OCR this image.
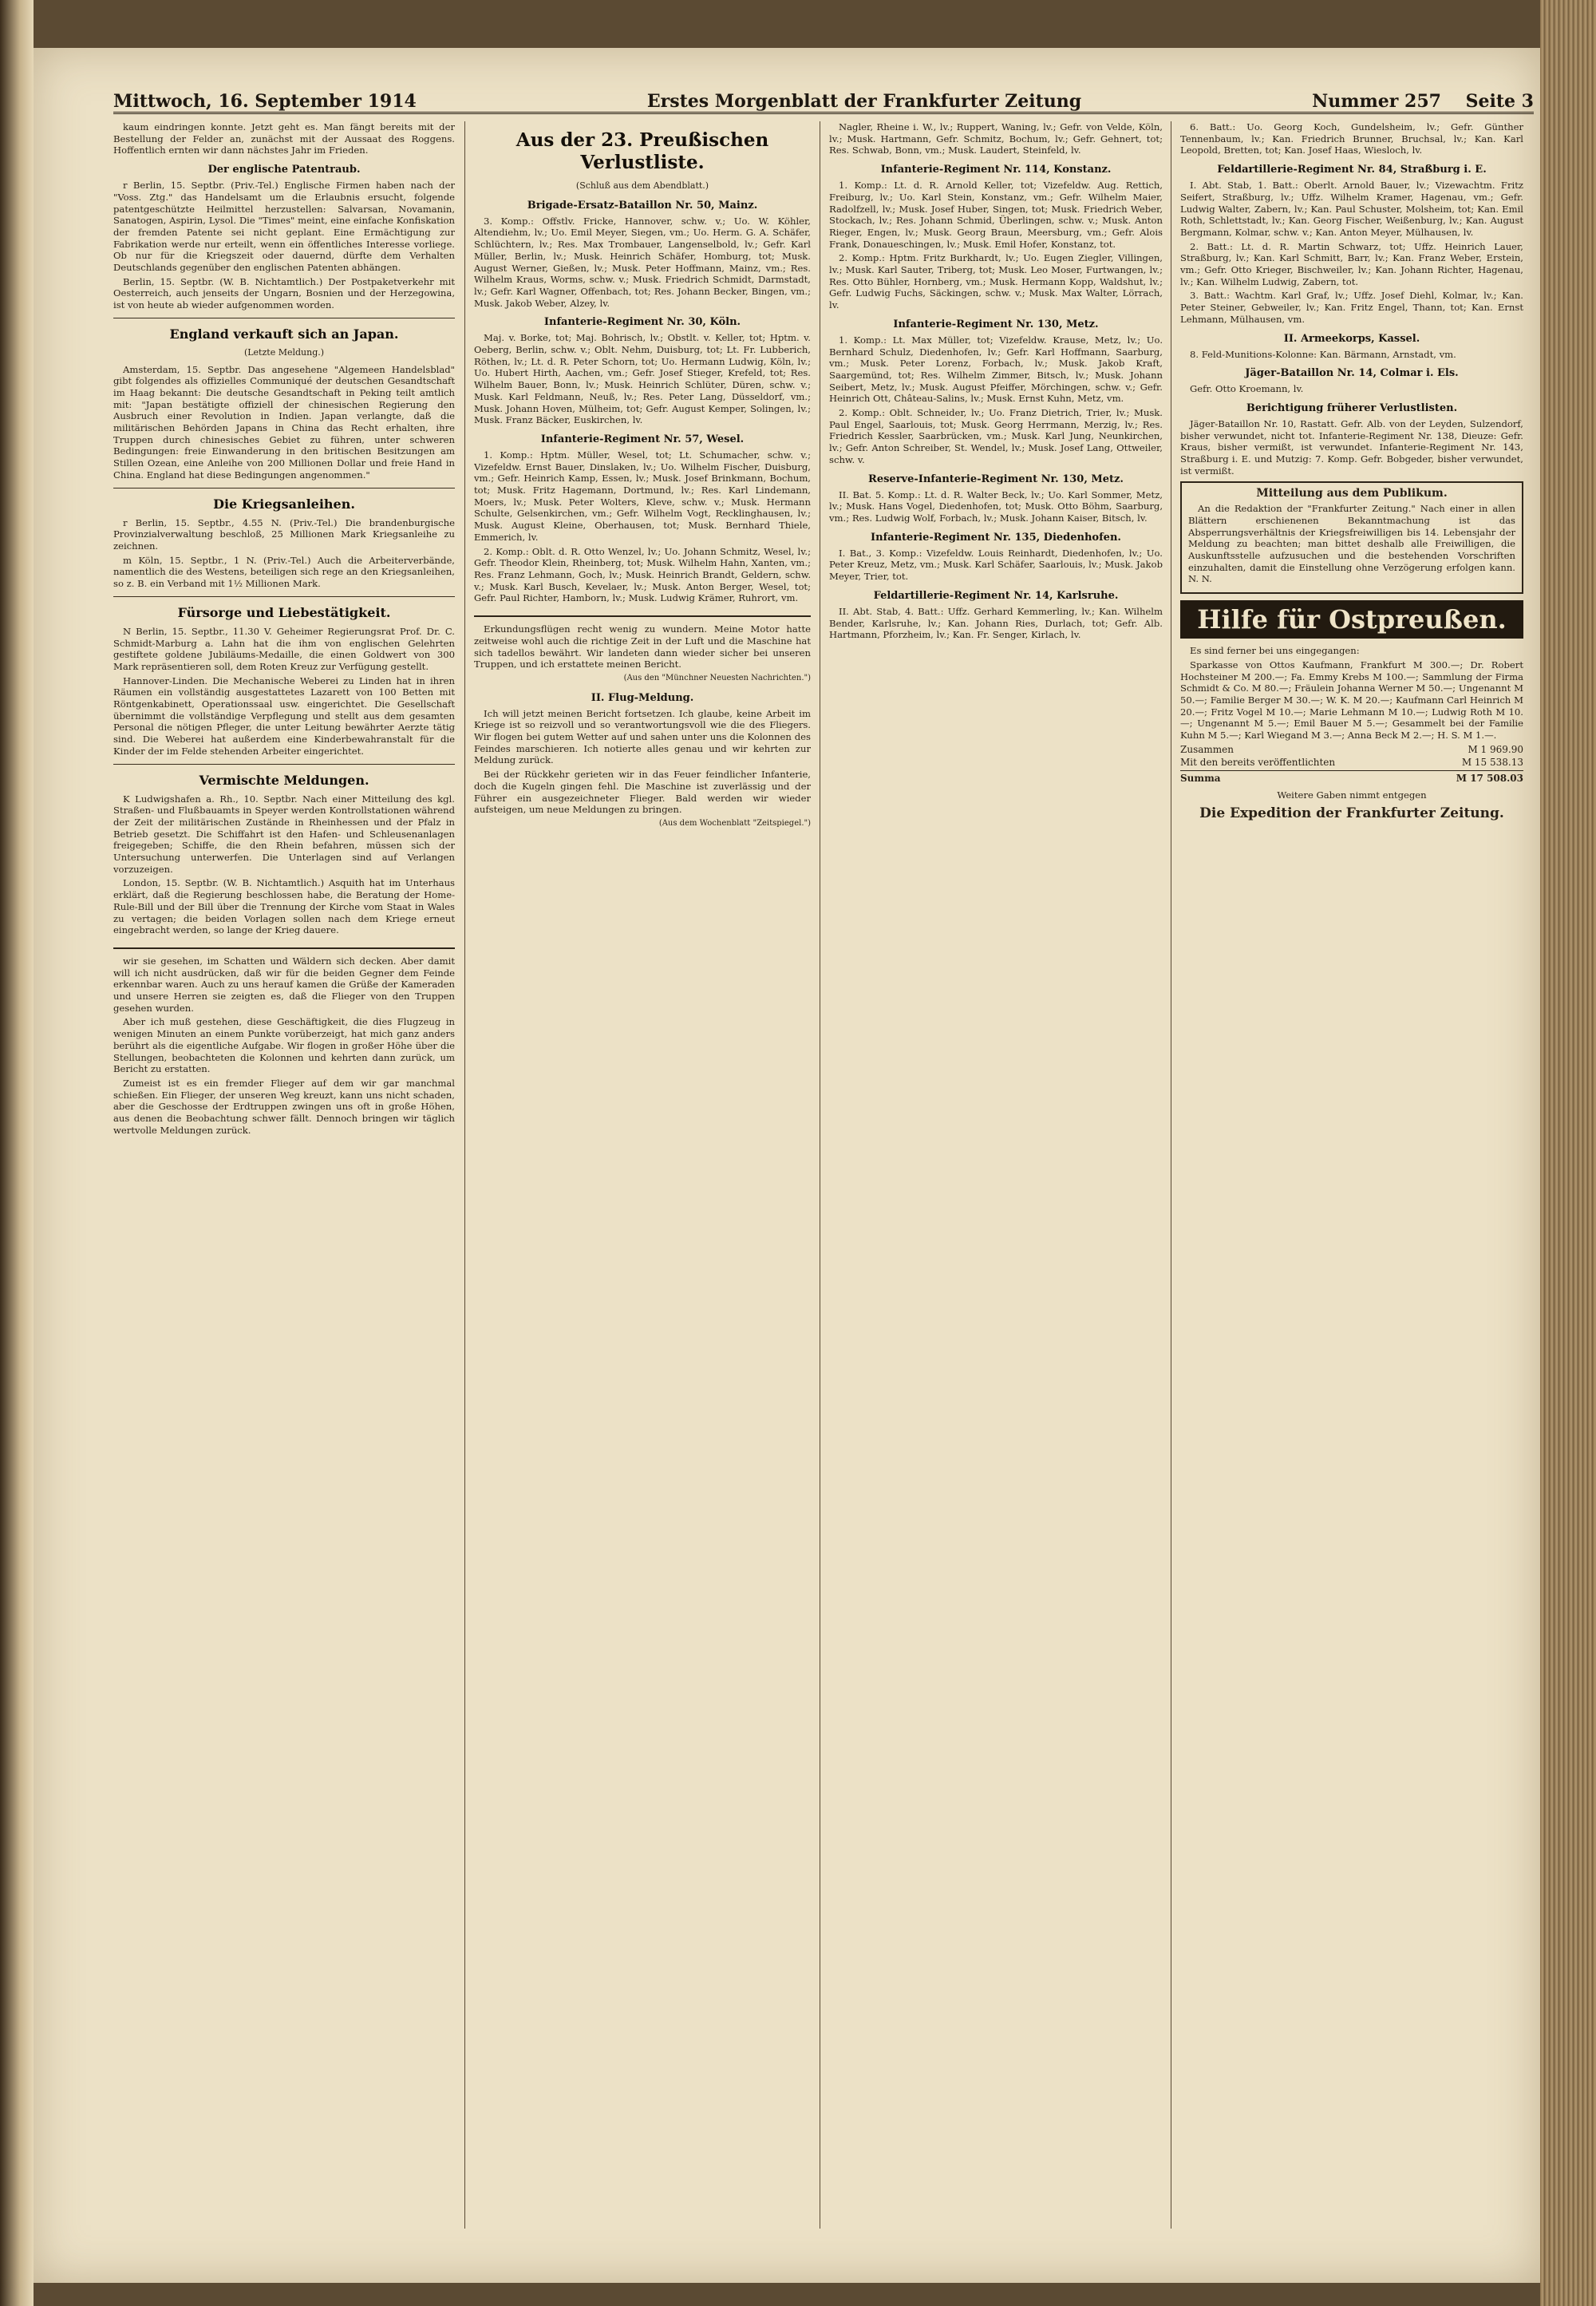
Mittwoch, 16. September 1914	Erstes Morgenblatt der Frankfurter Zeitung	Nummer 257 Seite 3

kaum eindringen konnte. Jetzt geht es. Man fängt bereits mit der Bestellung der Felder an, zunächst mit der Aussaat des Roggens. Hoffentlich ernten wir dann nächstes Jahr im Frieden.

Der englische Patentraub.

r Berlin, 15. Septbr. (Priv.-Tel.) Englische Firmen haben nach der "Voss. Ztg." das Handelsamt um die Erlaubnis ersucht, folgende patentgeschützte Heilmittel herzustellen: Salvarsan, Novamanin, Sanatogen, Aspirin, Lysol. Die "Times" meint, eine einfache Konfiskation der fremden Patente sei nicht geplant. Eine Ermächtigung zur Fabrikation werde nur erteilt, wenn ein öffentliches Interesse vorliege. Ob nur für die Kriegszeit oder dauernd, dürfte dem Verhalten Deutschlands gegenüber den englischen Patenten abhängen.

Berlin, 15. Septbr. (W. B. Nichtamtlich.) Der Postpaketverkehr mit Oesterreich, auch jenseits der Ungarn, Bosnien und der Herzegowina, ist von heute ab wieder aufgenommen worden.

England verkauft sich an Japan.

(Letzte Meldung.)

Amsterdam, 15. Septbr. Das angesehene "Algemeen Handelsblad" gibt folgendes als offizielles Communiqué der deutschen Gesandtschaft im Haag bekannt: Die deutsche Gesandtschaft in Peking teilt amtlich mit: "Japan bestätigte offiziell der chinesischen Regierung den Ausbruch einer Revolution in Indien. Japan verlangte, daß die militärischen Behörden Japans in China das Recht erhalten, ihre Truppen durch chinesisches Gebiet zu führen, unter schweren Bedingungen: freie Einwanderung in den britischen Besitzungen am Stillen Ozean, eine Anleihe von 200 Millionen Dollar und freie Hand in China. England hat diese Bedingungen angenommen."

Die Kriegsanleihen.

r Berlin, 15. Septbr., 4.55 N. (Priv.-Tel.) Die brandenburgische Provinzialverwaltung beschloß, 25 Millionen Mark Kriegsanleihe zu zeichnen.

m Köln, 15. Septbr., 1 N. (Priv.-Tel.) Auch die Arbeiterverbände, namentlich die des Westens, beteiligen sich rege an den Kriegsanleihen, so z. B. ein Verband mit 1½ Millionen Mark.

Fürsorge und Liebestätigkeit.

N Berlin, 15. Septbr., 11.30 V. Geheimer Regierungsrat Prof. Dr. C. Schmidt-Marburg a. Lahn hat die ihm von englischen Gelehrten gestiftete goldene Jubiläums-Medaille, die einen Goldwert von 300 Mark repräsentieren soll, dem Roten Kreuz zur Verfügung gestellt.

Hannover-Linden. Die Mechanische Weberei zu Linden hat in ihren Räumen ein vollständig ausgestattetes Lazarett von 100 Betten mit Röntgenkabinett, Operationssaal usw. eingerichtet. Die Gesellschaft übernimmt die vollständige Verpflegung und stellt aus dem gesamten Personal die nötigen Pfleger, die unter Leitung bewährter Aerzte tätig sind. Die Weberei hat außerdem eine Kinderbewahranstalt für die Kinder der im Felde stehenden Arbeiter eingerichtet.

Vermischte Meldungen.

K Ludwigshafen a. Rh., 10. Septbr. Nach einer Mitteilung des kgl. Straßen- und Flußbauamts in Speyer werden Kontrollstationen während der Zeit der militärischen Zustände in Rheinhessen und der Pfalz in Betrieb gesetzt. Die Schiffahrt ist den Hafen- und Schleusenanlagen freigegeben; Schiffe, die den Rhein befahren, müssen sich der Untersuchung unterwerfen. Die Unterlagen sind auf Verlangen vorzuzeigen.

London, 15. Septbr. (W. B. Nichtamtlich.) Asquith hat im Unterhaus erklärt, daß die Regierung beschlossen habe, die Beratung der Home-Rule-Bill und der Bill über die Trennung der Kirche vom Staat in Wales zu vertagen; die beiden Vorlagen sollen nach dem Kriege erneut eingebracht werden, so lange der Krieg dauere.

wir sie gesehen, im Schatten und Wäldern sich decken. Aber damit will ich nicht ausdrücken, daß wir für die beiden Gegner dem Feinde erkennbar waren. Auch zu uns herauf kamen die Grüße der Kameraden und unsere Herren sie zeigten es, daß die Flieger von den Truppen gesehen wurden.

Aber ich muß gestehen, diese Geschäftigkeit, die dies Flugzeug in wenigen Minuten an einem Punkte vorüberzeigt, hat mich ganz anders berührt als die eigentliche Aufgabe. Wir flogen in großer Höhe über die Stellungen, beobachteten die Kolonnen und kehrten dann zurück, um Bericht zu erstatten.

Zumeist ist es ein fremder Flieger auf dem wir gar manchmal schießen. Ein Flieger, der unseren Weg kreuzt, kann uns nicht schaden, aber die Geschosse der Erdtruppen zwingen uns oft in große Höhen, aus denen die Beobachtung schwer fällt. Dennoch bringen wir täglich wertvolle Meldungen zurück.

Aus der 23. Preußischen Verlustliste.

(Schluß aus dem Abendblatt.)

Brigade-Ersatz-Bataillon Nr. 50, Mainz.

3. Komp.: Offstlv. Fricke, Hannover, schw. v.; Uo. W. Köhler, Altendiehm, lv.; Uo. Emil Meyer, Siegen, vm.; Uo. Herm. G. A. Schäfer, Schlüchtern, lv.; Res. Max Trombauer, Langenselbold, lv.; Gefr. Karl Müller, Berlin, lv.; Musk. Heinrich Schäfer, Homburg, tot; Musk. August Werner, Gießen, lv.; Musk. Peter Hoffmann, Mainz, vm.; Res. Wilhelm Kraus, Worms, schw. v.; Musk. Friedrich Schmidt, Darmstadt, lv.; Gefr. Karl Wagner, Offenbach, tot; Res. Johann Becker, Bingen, vm.; Musk. Jakob Weber, Alzey, lv.

Infanterie-Regiment Nr. 30, Köln.

Maj. v. Borke, tot; Maj. Bohrisch, lv.; Obstlt. v. Keller, tot; Hptm. v. Oeberg, Berlin, schw. v.; Oblt. Nehm, Duisburg, tot; Lt. Fr. Lubberich, Röthen, lv.; Lt. d. R. Peter Schorn, tot; Uo. Hermann Ludwig, Köln, lv.; Uo. Hubert Hirth, Aachen, vm.; Gefr. Josef Stieger, Krefeld, tot; Res. Wilhelm Bauer, Bonn, lv.; Musk. Heinrich Schlüter, Düren, schw. v.; Musk. Karl Feldmann, Neuß, lv.; Res. Peter Lang, Düsseldorf, vm.; Musk. Johann Hoven, Mülheim, tot; Gefr. August Kemper, Solingen, lv.; Musk. Franz Bäcker, Euskirchen, lv.

Infanterie-Regiment Nr. 57, Wesel.

1. Komp.: Hptm. Müller, Wesel, tot; Lt. Schumacher, schw. v.; Vizefeldw. Ernst Bauer, Dinslaken, lv.; Uo. Wilhelm Fischer, Duisburg, vm.; Gefr. Heinrich Kamp, Essen, lv.; Musk. Josef Brinkmann, Bochum, tot; Musk. Fritz Hagemann, Dortmund, lv.; Res. Karl Lindemann, Moers, lv.; Musk. Peter Wolters, Kleve, schw. v.; Musk. Hermann Schulte, Gelsenkirchen, vm.; Gefr. Wilhelm Vogt, Recklinghausen, lv.; Musk. August Kleine, Oberhausen, tot; Musk. Bernhard Thiele, Emmerich, lv.

2. Komp.: Oblt. d. R. Otto Wenzel, lv.; Uo. Johann Schmitz, Wesel, lv.; Gefr. Theodor Klein, Rheinberg, tot; Musk. Wilhelm Hahn, Xanten, vm.; Res. Franz Lehmann, Goch, lv.; Musk. Heinrich Brandt, Geldern, schw. v.; Musk. Karl Busch, Kevelaer, lv.; Musk. Anton Berger, Wesel, tot; Gefr. Paul Richter, Hamborn, lv.; Musk. Ludwig Krämer, Ruhrort, vm.

Erkundungsflügen recht wenig zu wundern. Meine Motor hatte zeitweise wohl auch die richtige Zeit in der Luft und die Maschine hat sich tadellos bewährt. Wir landeten dann wieder sicher bei unseren Truppen, und ich erstattete meinen Bericht.

(Aus den "Münchner Neuesten Nachrichten.")

II. Flug-Meldung.

Ich will jetzt meinen Bericht fortsetzen. Ich glaube, keine Arbeit im Kriege ist so reizvoll und so verantwortungsvoll wie die des Fliegers. Wir flogen bei gutem Wetter auf und sahen unter uns die Kolonnen des Feindes marschieren. Ich notierte alles genau und wir kehrten zur Meldung zurück.

Bei der Rückkehr gerieten wir in das Feuer feindlicher Infanterie, doch die Kugeln gingen fehl. Die Maschine ist zuverlässig und der Führer ein ausgezeichneter Flieger. Bald werden wir wieder aufsteigen, um neue Meldungen zu bringen.

(Aus dem Wochenblatt "Zeitspiegel.")

Nagler, Rheine i. W., lv.; Ruppert, Waning, lv.; Gefr. von Velde, Köln, lv.; Musk. Hartmann, Gefr. Schmitz, Bochum, lv.; Gefr. Gehnert, tot; Res. Schwab, Bonn, vm.; Musk. Laudert, Steinfeld, lv.

Infanterie-Regiment Nr. 114, Konstanz.

1. Komp.: Lt. d. R. Arnold Keller, tot; Vizefeldw. Aug. Rettich, Freiburg, lv.; Uo. Karl Stein, Konstanz, vm.; Gefr. Wilhelm Maier, Radolfzell, lv.; Musk. Josef Huber, Singen, tot; Musk. Friedrich Weber, Stockach, lv.; Res. Johann Schmid, Überlingen, schw. v.; Musk. Anton Rieger, Engen, lv.; Musk. Georg Braun, Meersburg, vm.; Gefr. Alois Frank, Donaueschingen, lv.; Musk. Emil Hofer, Konstanz, tot.

2. Komp.: Hptm. Fritz Burkhardt, lv.; Uo. Eugen Ziegler, Villingen, lv.; Musk. Karl Sauter, Triberg, tot; Musk. Leo Moser, Furtwangen, lv.; Res. Otto Bühler, Hornberg, vm.; Musk. Hermann Kopp, Waldshut, lv.; Gefr. Ludwig Fuchs, Säckingen, schw. v.; Musk. Max Walter, Lörrach, lv.

Infanterie-Regiment Nr. 130, Metz.

1. Komp.: Lt. Max Müller, tot; Vizefeldw. Krause, Metz, lv.; Uo. Bernhard Schulz, Diedenhofen, lv.; Gefr. Karl Hoffmann, Saarburg, vm.; Musk. Peter Lorenz, Forbach, lv.; Musk. Jakob Kraft, Saargemünd, tot; Res. Wilhelm Zimmer, Bitsch, lv.; Musk. Johann Seibert, Metz, lv.; Musk. August Pfeiffer, Mörchingen, schw. v.; Gefr. Heinrich Ott, Château-Salins, lv.; Musk. Ernst Kuhn, Metz, vm.

2. Komp.: Oblt. Schneider, lv.; Uo. Franz Dietrich, Trier, lv.; Musk. Paul Engel, Saarlouis, tot; Musk. Georg Herrmann, Merzig, lv.; Res. Friedrich Kessler, Saarbrücken, vm.; Musk. Karl Jung, Neunkirchen, lv.; Gefr. Anton Schreiber, St. Wendel, lv.; Musk. Josef Lang, Ottweiler, schw. v.

Reserve-Infanterie-Regiment Nr. 130, Metz.

II. Bat. 5. Komp.: Lt. d. R. Walter Beck, lv.; Uo. Karl Sommer, Metz, lv.; Musk. Hans Vogel, Diedenhofen, tot; Musk. Otto Böhm, Saarburg, vm.; Res. Ludwig Wolf, Forbach, lv.; Musk. Johann Kaiser, Bitsch, lv.

Infanterie-Regiment Nr. 135, Diedenhofen.

I. Bat., 3. Komp.: Vizefeldw. Louis Reinhardt, Diedenhofen, lv.; Uo. Peter Kreuz, Metz, vm.; Musk. Karl Schäfer, Saarlouis, lv.; Musk. Jakob Meyer, Trier, tot.

Feldartillerie-Regiment Nr. 14, Karlsruhe.

II. Abt. Stab, 4. Batt.: Uffz. Gerhard Kemmerling, lv.; Kan. Wilhelm Bender, Karlsruhe, lv.; Kan. Johann Ries, Durlach, tot; Gefr. Alb. Hartmann, Pforzheim, lv.; Kan. Fr. Senger, Kirlach, lv.

6. Batt.: Uo. Georg Koch, Gundelsheim, lv.; Gefr. Günther Tennenbaum, lv.; Kan. Friedrich Brunner, Bruchsal, lv.; Kan. Karl Leopold, Bretten, tot; Kan. Josef Haas, Wiesloch, lv.

Feldartillerie-Regiment Nr. 84, Straßburg i. E.

I. Abt. Stab, 1. Batt.: Oberlt. Arnold Bauer, lv.; Vizewachtm. Fritz Seifert, Straßburg, lv.; Uffz. Wilhelm Kramer, Hagenau, vm.; Gefr. Ludwig Walter, Zabern, lv.; Kan. Paul Schuster, Molsheim, tot; Kan. Emil Roth, Schlettstadt, lv.; Kan. Georg Fischer, Weißenburg, lv.; Kan. August Bergmann, Kolmar, schw. v.; Kan. Anton Meyer, Mülhausen, lv.

2. Batt.: Lt. d. R. Martin Schwarz, tot; Uffz. Heinrich Lauer, Straßburg, lv.; Kan. Karl Schmitt, Barr, lv.; Kan. Franz Weber, Erstein, vm.; Gefr. Otto Krieger, Bischweiler, lv.; Kan. Johann Richter, Hagenau, lv.; Kan. Wilhelm Ludwig, Zabern, tot.

3. Batt.: Wachtm. Karl Graf, lv.; Uffz. Josef Diehl, Kolmar, lv.; Kan. Peter Steiner, Gebweiler, lv.; Kan. Fritz Engel, Thann, tot; Kan. Ernst Lehmann, Mülhausen, vm.

II. Armeekorps, Kassel.

8. Feld-Munitions-Kolonne: Kan. Bärmann, Arnstadt, vm.

Jäger-Bataillon Nr. 14, Colmar i. Els.

Gefr. Otto Kroemann, lv.

Berichtigung früherer Verlustlisten.

Jäger-Bataillon Nr. 10, Rastatt. Gefr. Alb. von der Leyden, Sulzendorf, bisher verwundet, nicht tot. Infanterie-Regiment Nr. 138, Dieuze: Gefr. Kraus, bisher vermißt, ist verwundet. Infanterie-Regiment Nr. 143, Straßburg i. E. und Mutzig: 7. Komp. Gefr. Bobgeder, bisher verwundet, ist vermißt.

Mitteilung aus dem Publikum.

An die Redaktion der "Frankfurter Zeitung." Nach einer in allen Blättern erschienenen Bekanntmachung ist das Absperrungsverhältnis der Kriegsfreiwilligen bis 14. Lebensjahr der Meldung zu beachten; man bittet deshalb alle Freiwilligen, die Auskunftsstelle aufzusuchen und die bestehenden Vorschriften einzuhalten, damit die Einstellung ohne Verzögerung erfolgen kann. N. N.

Hilfe für Ostpreußen.

Es sind ferner bei uns eingegangen:

Sparkasse von Ottos Kaufmann, Frankfurt M 300.—; Dr. Robert Hochsteiner M 200.—; Fa. Emmy Krebs M 100.—; Sammlung der Firma Schmidt & Co. M 80.—; Fräulein Johanna Werner M 50.—; Ungenannt M 50.—; Familie Berger M 30.—; W. K. M 20.—; Kaufmann Carl Heinrich M 20.—; Fritz Vogel M 10.—; Marie Lehmann M 10.—; Ludwig Roth M 10.—; Ungenannt M 5.—; Emil Bauer M 5.—; Gesammelt bei der Familie Kuhn M 5.—; Karl Wiegand M 3.—; Anna Beck M 2.—; H. S. M 1.—.

Zusammen	M 1 969.90
Mit den bereits veröffentlichten	M 15 538.13
Summa	M 17 508.03

Weitere Gaben nimmt entgegen

Die Expedition der Frankfurter Zeitung.
